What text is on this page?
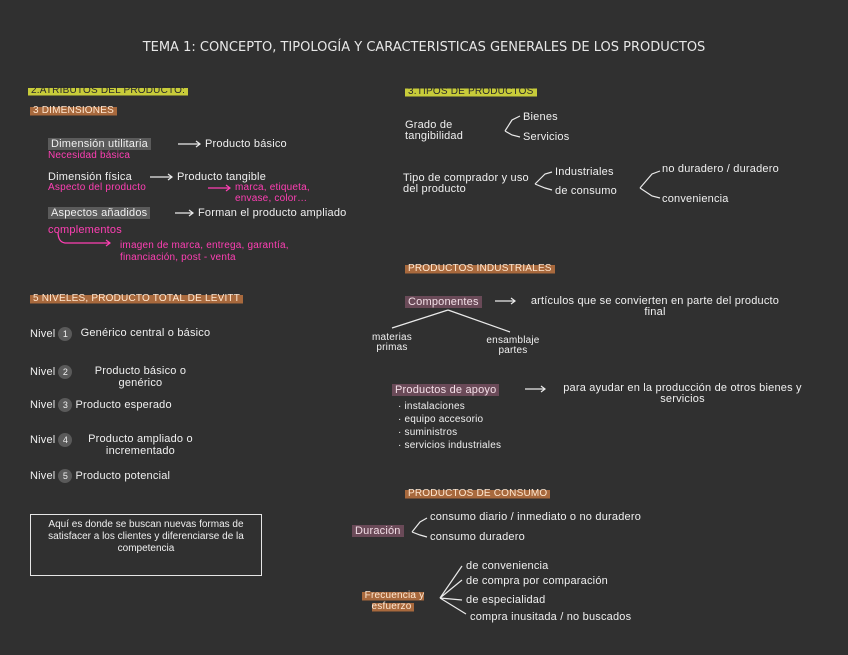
TEMA 1: CONCEPTO, TIPOLOGÍA Y CARACTERISTICAS GENERALES DE LOS PRODUCTOS
2.ATRIBUTOS DEL PRODUCTO:
3 DIMENSIONES
Dimensión utilitaria	Producto básico
Necesidad básica
Dimensión física	Producto tangible
Aspecto del producto	marca, etiqueta, envase, color…
Aspectos añadidos	Forman el producto ampliado
complementos
imagen de marca, entrega, garantía, financiación, post - venta
5 NIVELES, PRODUCTO TOTAL DE LEVITT
Nivel 1 Genérico central o básico
Nivel 2 Producto básico o genérico
Nivel 3 Producto esperado
Nivel 4 Producto ampliado o incrementado
Nivel 5 Producto potencial
Aquí es donde se buscan nuevas formas de satisfacer a los clientes y diferenciarse de la competencia
3.TIPOS DE PRODUCTOS
Grado de tangibilidad
Bienes
Servicios
Tipo de comprador y uso del producto
Industriales
de consumo
no duradero / duradero
conveniencia
PRODUCTOS INDUSTRIALES
Componentes	artículos que se convierten en parte del producto final
materias primas
ensamblaje partes
Productos de apoyo	para ayudar en la producción de otros bienes y servicios
· instalaciones
· equipo accesorio
· suministros
· servicios industriales
PRODUCTOS DE CONSUMO
Duración
consumo diario / inmediato o no duradero
consumo duradero
Frecuencia y esfuerzo
de conveniencia
de compra por comparación
de especialidad
compra inusitada / no buscados
